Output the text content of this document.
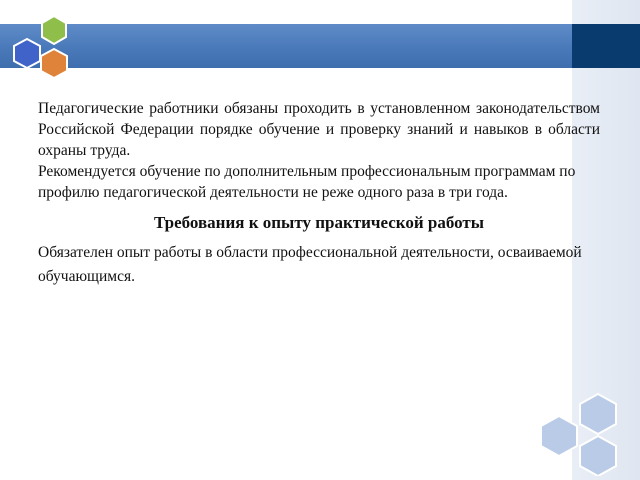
Педагогические работники обязаны проходить в установленном законодательством Российской Федерации порядке обучение и проверку знаний и навыков в области охраны труда.

Рекомендуется обучение по дополнительным профессиональным программам по профилю педагогической деятельности не реже одного раза в три года.

Требования к опыту практической работы

Обязателен опыт работы в области профессиональной деятельности, осваиваемой обучающимся.
